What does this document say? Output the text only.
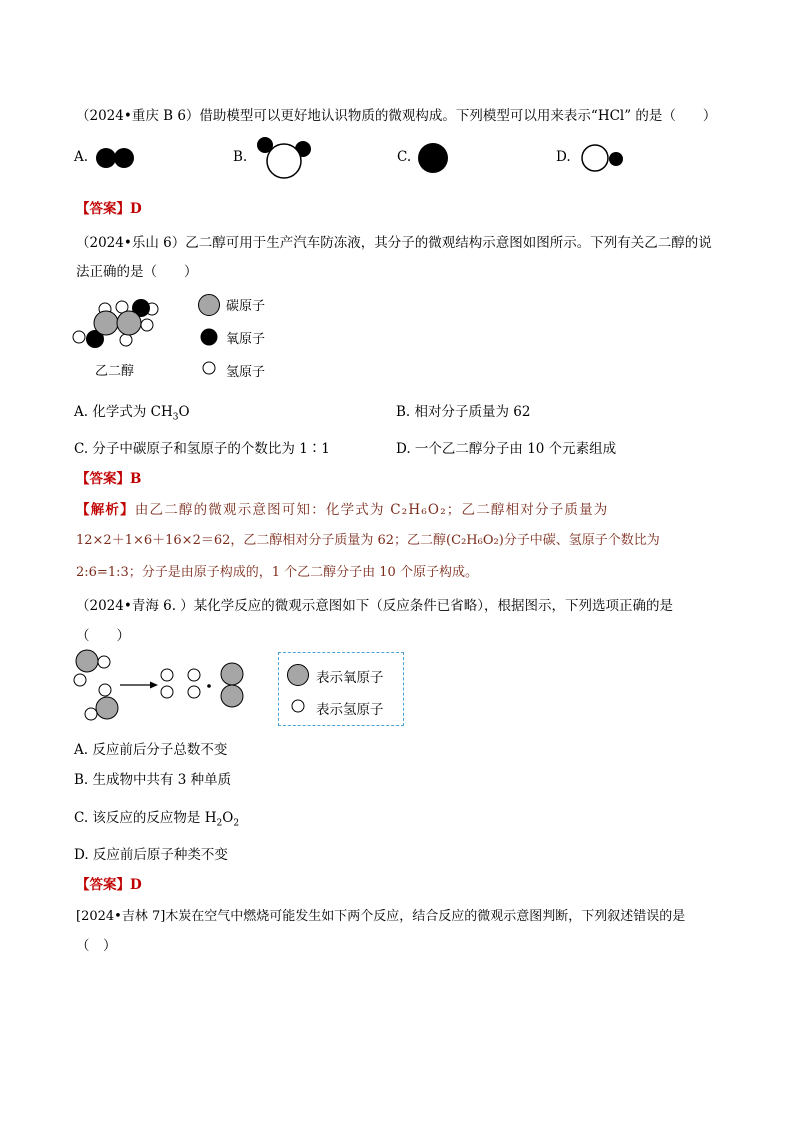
（2024•重庆 B 6）借助模型可以更好地认识物质的微观构成。下列模型可以用来表示“HCl” 的是（　　）
A.	B.	C.	D.
【答案】D
（2024•乐山 6）乙二醇可用于生产汽车防冻液，其分子的微观结构示意图如图所示。下列有关乙二醇的说
法正确的是（　　）
乙二醇
碳原子
氧原子
氢原子
A. 化学式为 $CH_3O$	B. 相对分子质量为 62
C. 分子中碳原子和氢原子的个数比为 1∶1	D. 一个乙二醇分子由 10 个元素组成
【答案】B
【解析】由乙二醇的微观示意图可知：化学式为 C₂H₆O₂；乙二醇相对分子质量为
12×2＋1×6＋16×2＝62，乙二醇相对分子质量为 62；乙二醇(C₂H₆O₂)分子中碳、氢原子个数比为
2:6=1:3；分子是由原子构成的，1 个乙二醇分子由 10 个原子构成。
（2024•青海 6. ）某化学反应的微观示意图如下（反应条件已省略），根据图示，下列选项正确的是
（　　）
表示氧原子
表示氢原子
A. 反应前后分子总数不变
B. 生成物中共有 3 种单质
C. 该反应的反应物是 $H_2O_2$
D. 反应前后原子种类不变
【答案】D
[2024•吉林 7]木炭在空气中燃烧可能发生如下两个反应，结合反应的微观示意图判断，下列叙述错误的是
（　）
